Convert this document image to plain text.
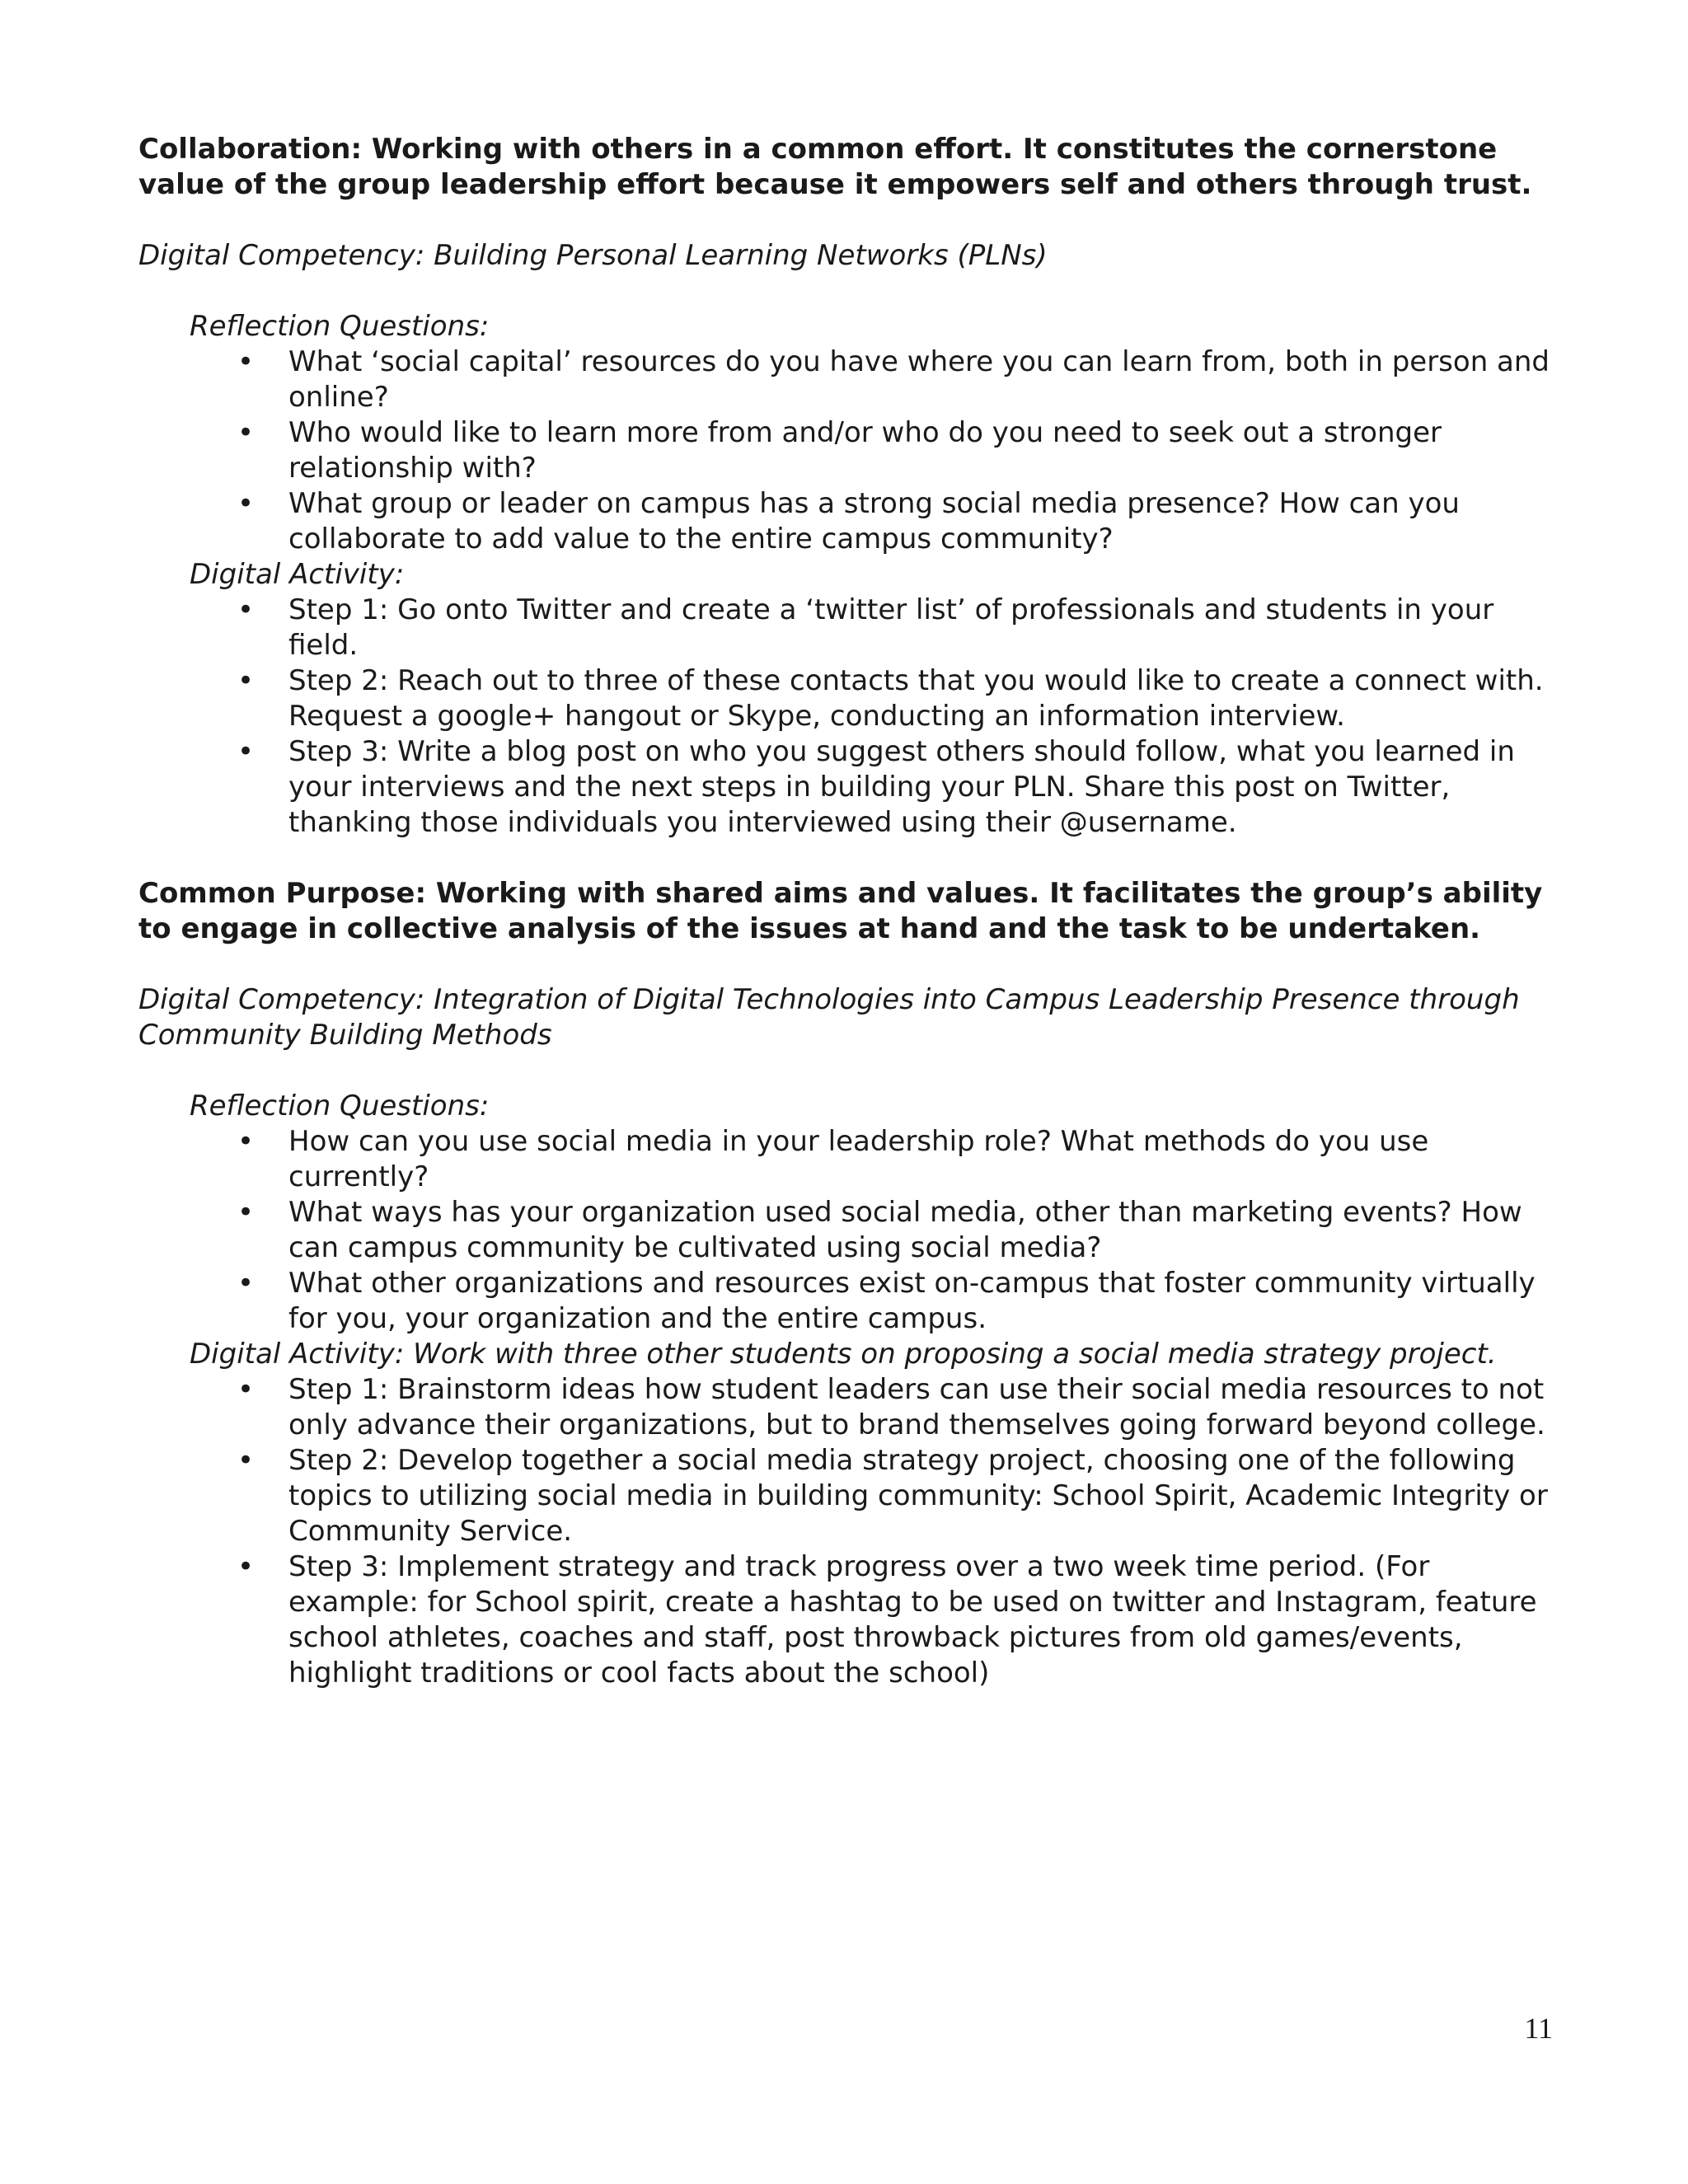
Collaboration: Working with others in a common effort. It constitutes the cornerstone value of the group leadership effort because it empowers self and others through trust.

Digital Competency: Building Personal Learning Networks (PLNs)

Reflection Questions:

• What ‘social capital’ resources do you have where you can learn from, both in person and online?
• Who would like to learn more from and/or who do you need to seek out a stronger relationship with?
• What group or leader on campus has a strong social media presence? How can you collaborate to add value to the entire campus community?

Digital Activity:

• Step 1: Go onto Twitter and create a ‘twitter list’ of professionals and students in your field.
• Step 2: Reach out to three of these contacts that you would like to create a connect with. Request a google+ hangout or Skype, conducting an information interview.
• Step 3: Write a blog post on who you suggest others should follow, what you learned in your interviews and the next steps in building your PLN. Share this post on Twitter, thanking those individuals you interviewed using their @username.

Common Purpose: Working with shared aims and values. It facilitates the group’s ability to engage in collective analysis of the issues at hand and the task to be undertaken.

Digital Competency: Integration of Digital Technologies into Campus Leadership Presence through Community Building Methods

Reflection Questions:

• How can you use social media in your leadership role? What methods do you use currently?
• What ways has your organization used social media, other than marketing events? How can campus community be cultivated using social media?
• What other organizations and resources exist on-campus that foster community virtually for you, your organization and the entire campus.

Digital Activity: Work with three other students on proposing a social media strategy project.

• Step 1: Brainstorm ideas how student leaders can use their social media resources to not only advance their organizations, but to brand themselves going forward beyond college.
• Step 2: Develop together a social media strategy project, choosing one of the following topics to utilizing social media in building community: School Spirit, Academic Integrity or Community Service.
• Step 3: Implement strategy and track progress over a two week time period. (For example: for School spirit, create a hashtag to be used on twitter and Instagram, feature school athletes, coaches and staff, post throwback pictures from old games/events, highlight traditions or cool facts about the school)
11
